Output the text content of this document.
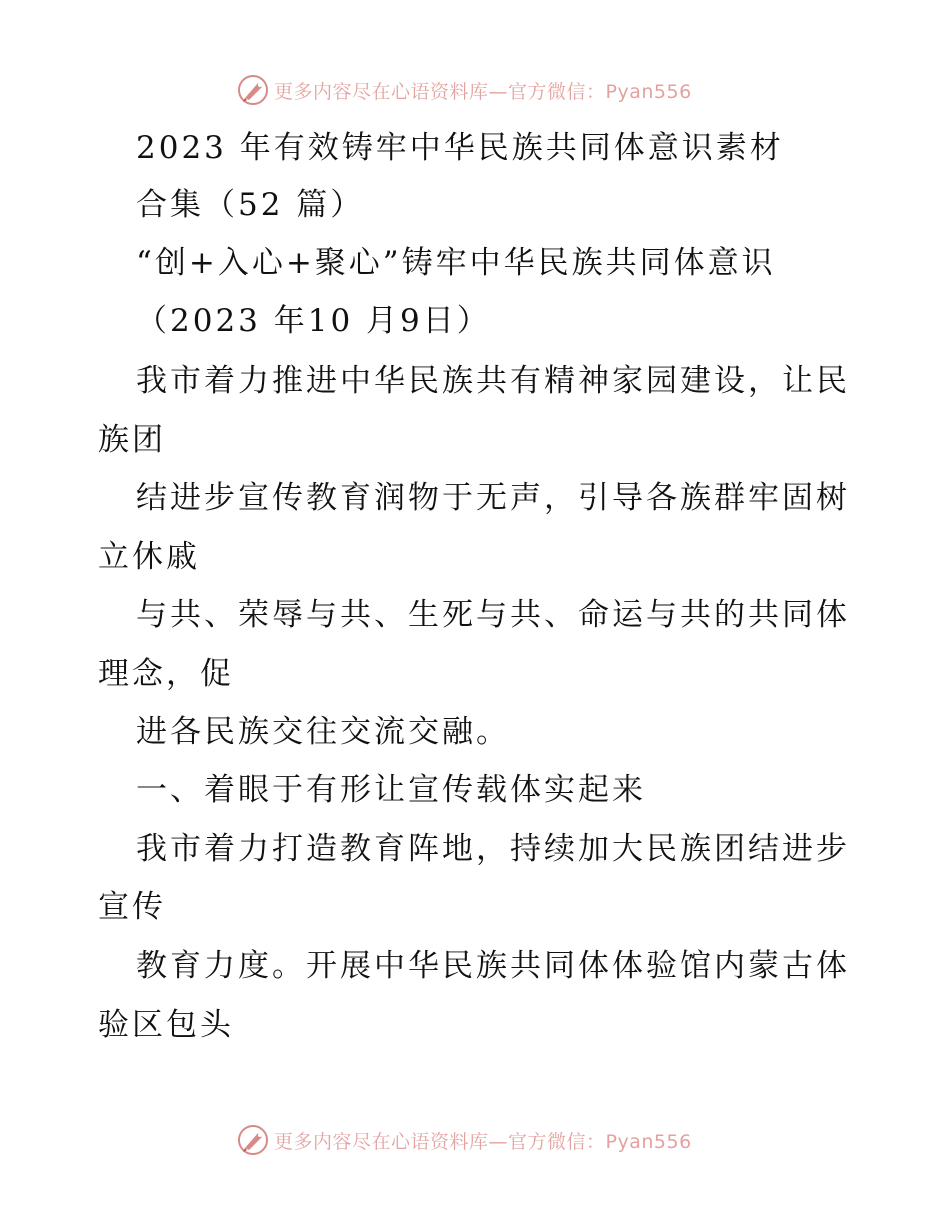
更多内容尽在心语资料库—官方微信：Pyan556
2023 年有效铸牢中华民族共同体意识素材
合集（52 篇）
“创+入心+聚心”铸牢中华民族共同体意识
（2023 年10 月9日）
我市着力推进中华民族共有精神家园建设，让民
族团
结进步宣传教育润物于无声，引导各族群牢固树
立休戚
与共、荣辱与共、生死与共、命运与共的共同体
理念，促
进各民族交往交流交融。
一、着眼于有形让宣传载体实起来
我市着力打造教育阵地，持续加大民族团结进步
宣传
教育力度。开展中华民族共同体体验馆内蒙古体
验区包头
更多内容尽在心语资料库—官方微信：Pyan556
